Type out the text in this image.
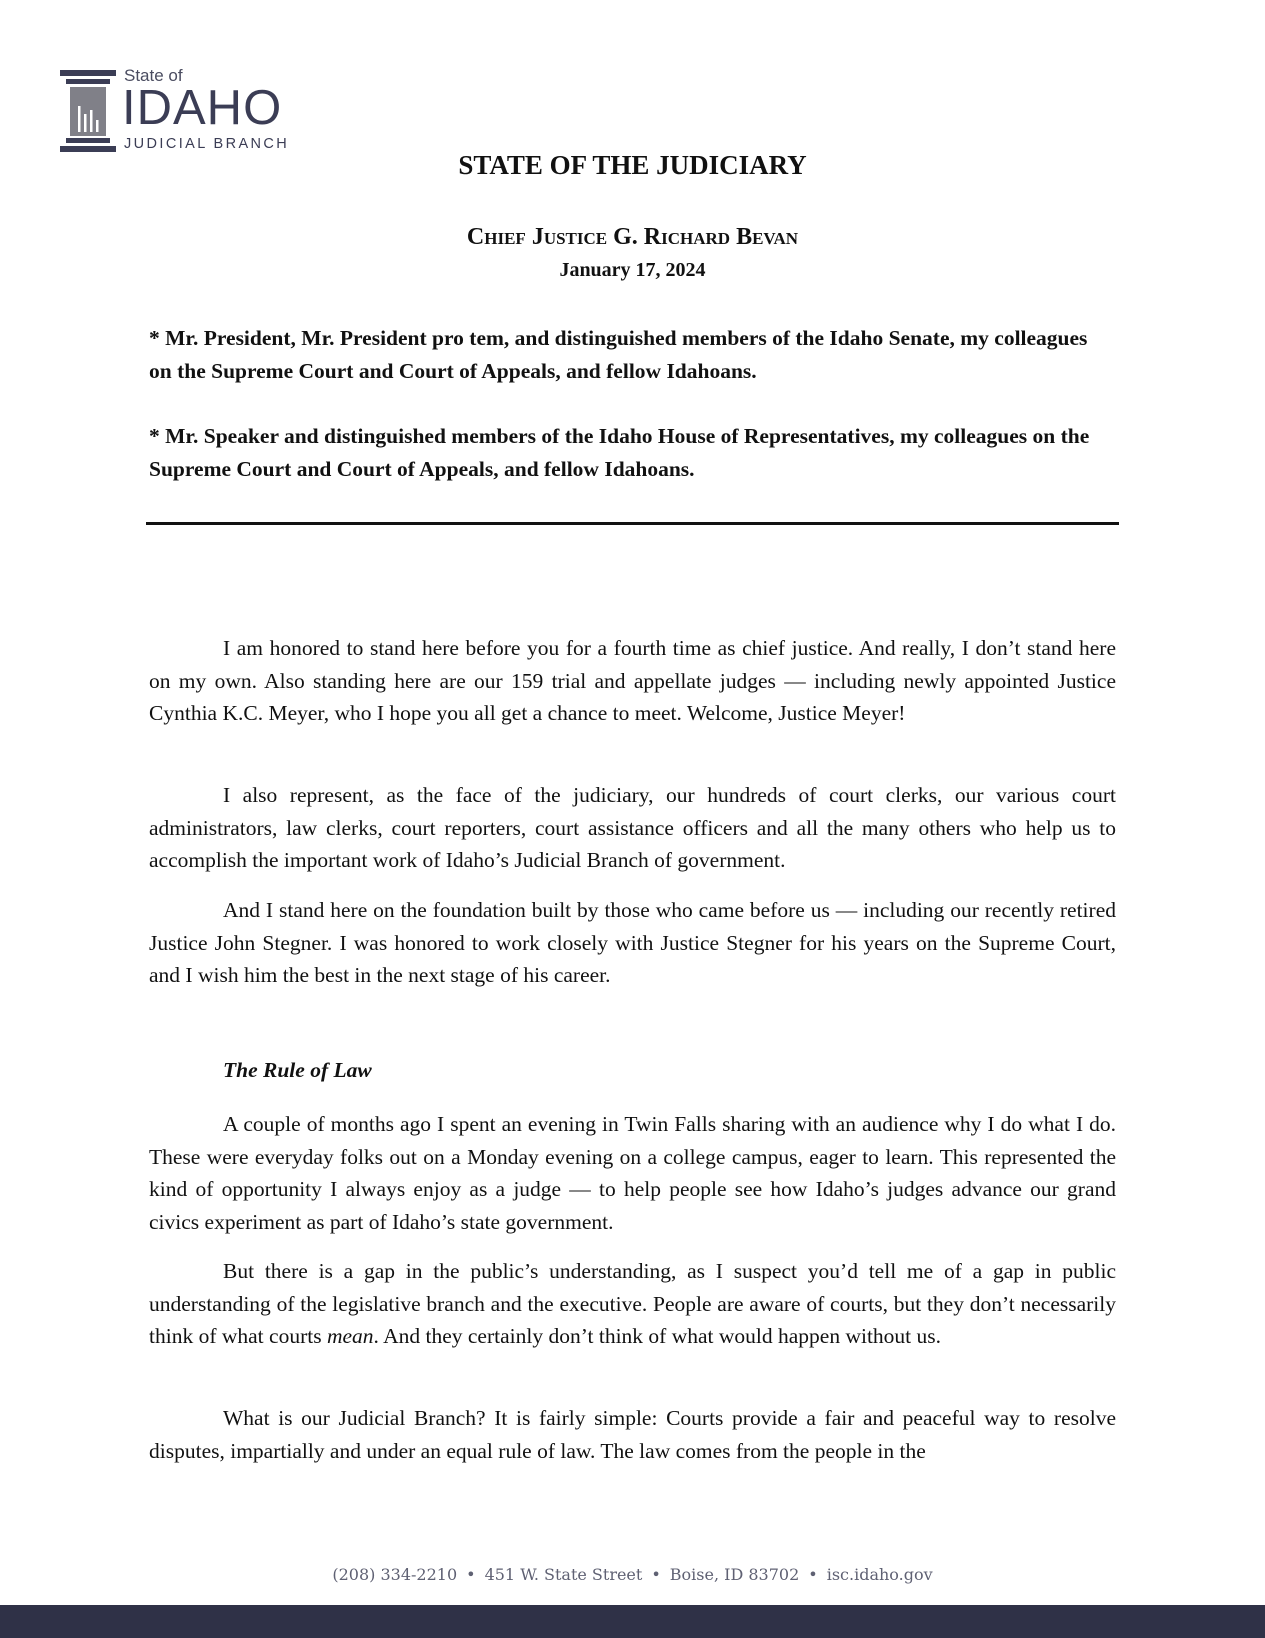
State of
IDAHO
JUDICIAL BRANCH
STATE OF THE JUDICIARY
Chief Justice G. Richard Bevan
January 17, 2024

* Mr. President, Mr. President pro tem, and distinguished members of the Idaho Senate, my colleagues on the Supreme Court and Court of Appeals, and fellow Idahoans.

* Mr. Speaker and distinguished members of the Idaho House of Representatives, my colleagues on the Supreme Court and Court of Appeals, and fellow Idahoans.

I am honored to stand here before you for a fourth time as chief justice. And really, I don’t stand here on my own. Also standing here are our 159 trial and appellate judges — including newly appointed Justice Cynthia K.C. Meyer, who I hope you all get a chance to meet. Welcome, Justice Meyer!

I also represent, as the face of the judiciary, our hundreds of court clerks, our various court administrators, law clerks, court reporters, court assistance officers and all the many others who help us to accomplish the important work of Idaho’s Judicial Branch of government.

And I stand here on the foundation built by those who came before us — including our recently retired Justice John Stegner. I was honored to work closely with Justice Stegner for his years on the Supreme Court, and I wish him the best in the next stage of his career.

The Rule of Law

A couple of months ago I spent an evening in Twin Falls sharing with an audience why I do what I do. These were everyday folks out on a Monday evening on a college campus, eager to learn. This represented the kind of opportunity I always enjoy as a judge — to help people see how Idaho’s judges advance our grand civics experiment as part of Idaho’s state government.

But there is a gap in the public’s understanding, as I suspect you’d tell me of a gap in public understanding of the legislative branch and the executive. People are aware of courts, but they don’t necessarily think of what courts mean. And they certainly don’t think of what would happen without us.

What is our Judicial Branch? It is fairly simple: Courts provide a fair and peaceful way to resolve disputes, impartially and under an equal rule of law. The law comes from the people in the

(208) 334-2210 • 451 W. State Street • Boise, ID 83702 • isc.idaho.gov
